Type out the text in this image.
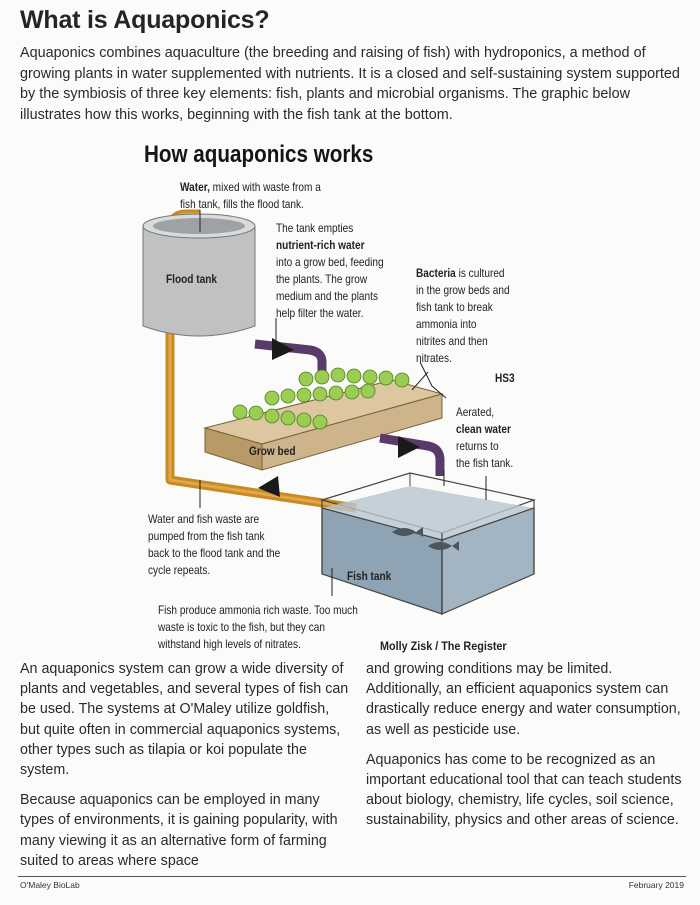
What is Aquaponics?
Aquaponics combines aquaculture (the breeding and raising of fish) with hydroponics, a method of growing plants in water supplemented with nutrients. It is a closed and self-sustaining system supported by the symbiosis of three key elements: fish, plants and microbial organisms. The graphic below illustrates how this works, beginning with the fish tank at the bottom.
How aquaponics works
Water, mixed with waste from a
fish tank, fills the flood tank.
The tank empties
nutrient-rich water
into a grow bed, feeding
the plants. The grow
medium and the plants
help filter the water.
Bacteria is cultured
in the grow beds and
fish tank to break
ammonia into
nitrites and then
nitrates.
HS3
Aerated,
clean water
returns to
the fish tank.
Water and fish waste are
pumped from the fish tank
back to the flood tank and the
cycle repeats.
Fish produce ammonia rich waste. Too much
waste is toxic to the fish, but they can
withstand high levels of nitrates.
Flood tank
Grow bed
Fish tank
Molly Zisk / The Register

An aquaponics system can grow a wide diversity of plants and vegetables, and several types of fish can be used. The systems at O'Maley utilize goldfish, but quite often in commercial aquaponics systems, other types such as tilapia or koi populate the system.

Because aquaponics can be employed in many types of environments, it is gaining popularity, with many viewing it as an alternative form of farming suited to areas where space

and growing conditions may be limited. Additionally, an efficient aquaponics system can drastically reduce energy and water consumption, as well as pesticide use.

Aquaponics has come to be recognized as an important educational tool that can teach students about biology, chemistry, life cycles, soil science, sustainability, physics and other areas of science.

O'Maley BioLab	February 2019
